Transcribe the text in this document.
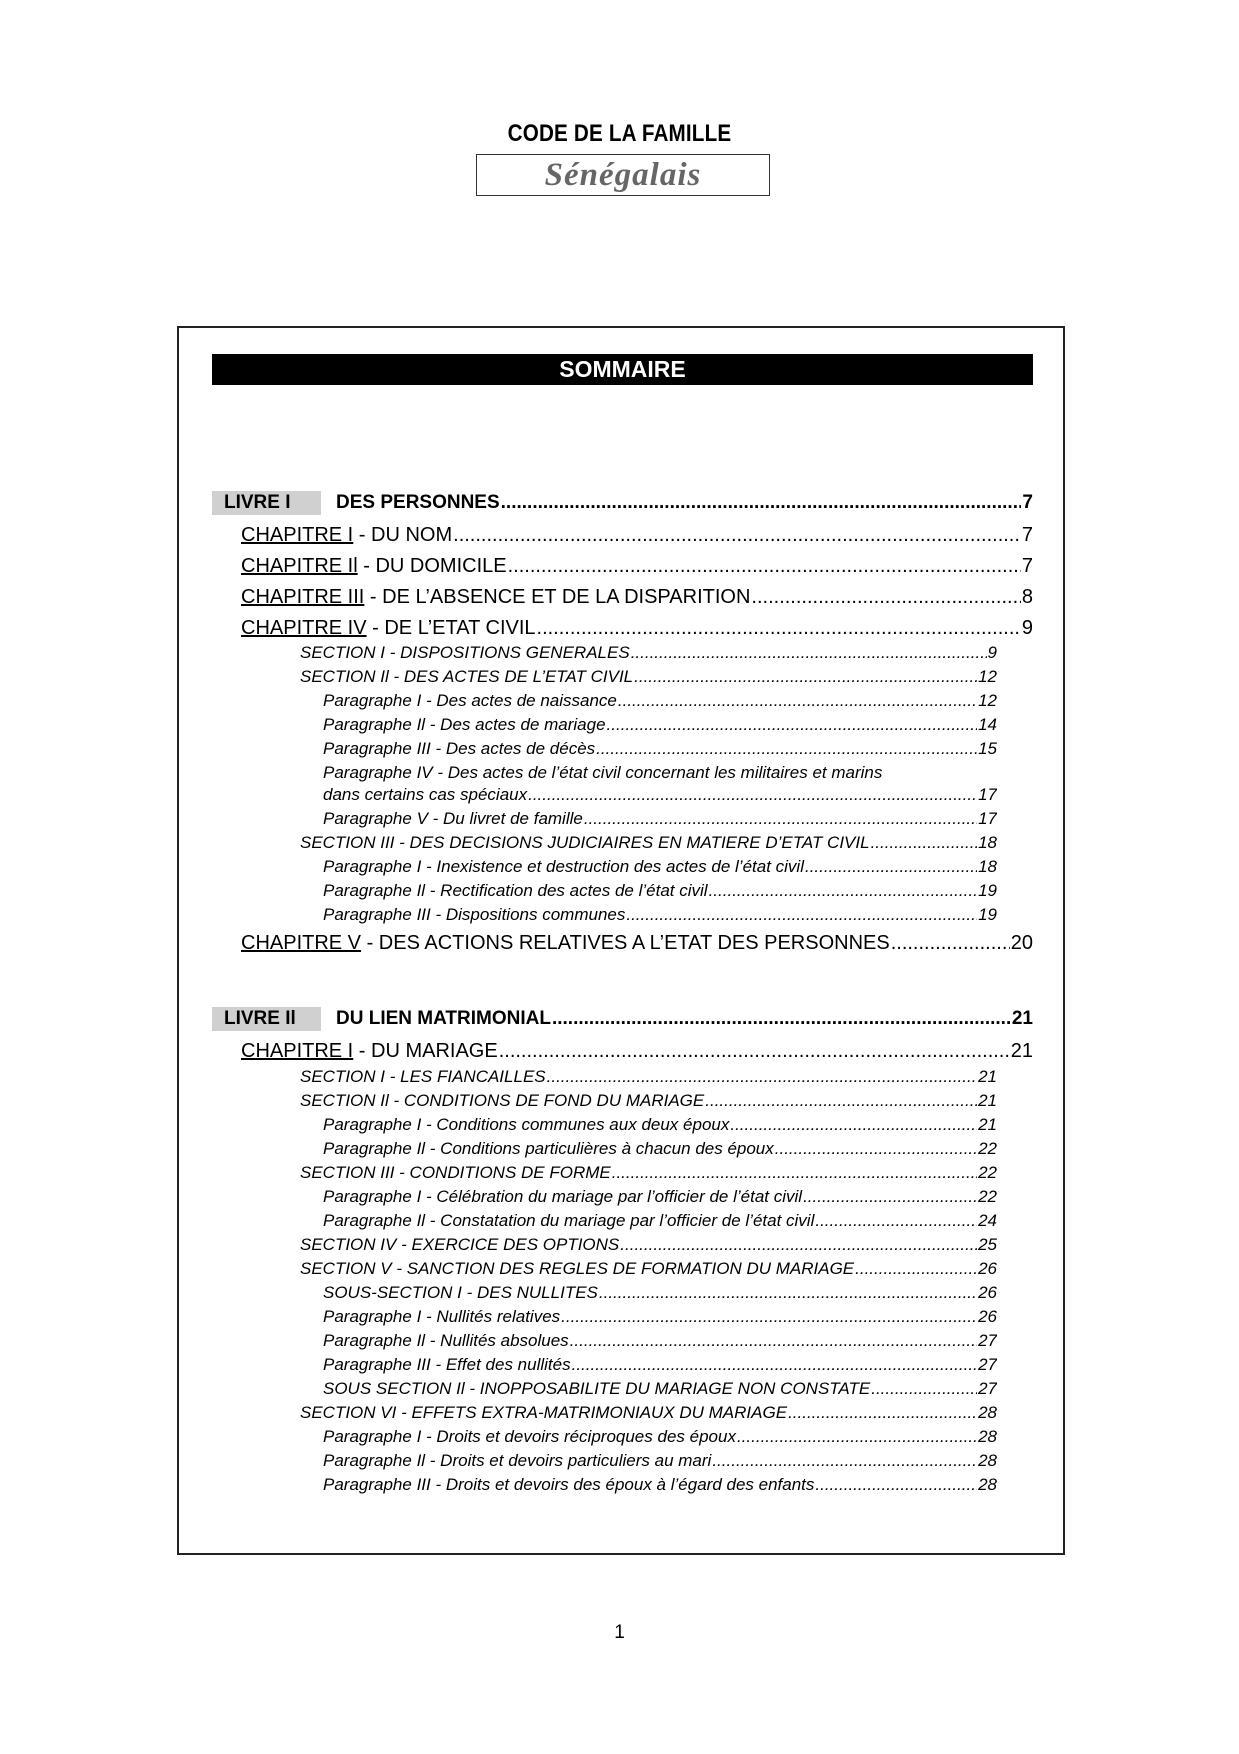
CODE DE LA FAMILLE
Sénégalais
SOMMAIRE
LIVRE I	DES PERSONNES .....	7
CHAPITRE I - DU NOM .....	7
CHAPITRE Il - DU DOMICILE .....	7
CHAPITRE III - DE L’ABSENCE ET DE LA DISPARITION .....	8
CHAPITRE IV - DE L’ETAT CIVIL .....	9
SECTION I - DISPOSITIONS GENERALES .....	9
SECTION Il - DES ACTES DE L’ETAT CIVIL .....	12
Paragraphe I - Des actes de naissance .....	12
Paragraphe Il - Des actes de mariage .....	14
Paragraphe III - Des actes de décès .....	15
Paragraphe IV - Des actes de l’état civil concernant les militaires et marins
dans certains cas spéciaux .....	17
Paragraphe V - Du livret de famille .....	17
SECTION III - DES DECISIONS JUDICIAIRES EN MATIERE D’ETAT CIVIL .....	18
Paragraphe I - Inexistence et destruction des actes de l’état civil .....	18
Paragraphe Il - Rectification des actes de l’état civil .....	19
Paragraphe III - Dispositions communes .....	19
CHAPITRE V - DES ACTIONS RELATIVES A L’ETAT DES PERSONNES .....	20
LIVRE Il	DU LIEN MATRIMONIAL .....	21
CHAPITRE I - DU MARIAGE .....	21
SECTION I - LES FIANCAILLES .....	21
SECTION Il - CONDITIONS DE FOND DU MARIAGE .....	21
Paragraphe I - Conditions communes aux deux époux .....	21
Paragraphe Il - Conditions particulières à chacun des époux .....	22
SECTION III - CONDITIONS DE FORME .....	22
Paragraphe I - Célébration du mariage par l’officier de l’état civil .....	22
Paragraphe Il - Constatation du mariage par l’officier de l’état civil .....	24
SECTION IV - EXERCICE DES OPTIONS .....	25
SECTION V - SANCTION DES REGLES DE FORMATION DU MARIAGE .....	26
SOUS-SECTION I - DES NULLITES .....	26
Paragraphe I - Nullités relatives .....	26
Paragraphe Il - Nullités absolues .....	27
Paragraphe III - Effet des nullités .....	27
SOUS SECTION Il - INOPPOSABILITE DU MARIAGE NON CONSTATE .....	27
SECTION VI - EFFETS EXTRA-MATRIMONIAUX DU MARIAGE .....	28
Paragraphe I - Droits et devoirs réciproques des époux .....	28
Paragraphe Il - Droits et devoirs particuliers au mari .....	28
Paragraphe III - Droits et devoirs des époux à l’égard des enfants .....	28
1
